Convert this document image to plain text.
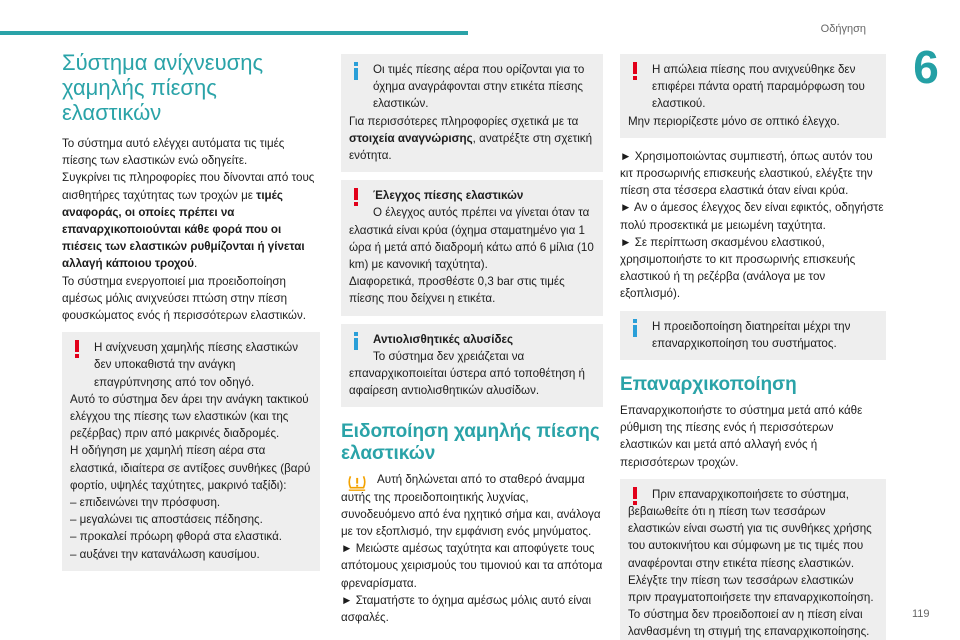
Οδήγηση
6
119
Σύστημα ανίχνευσης χαμηλής πίεσης ελαστικών

Το σύστημα αυτό ελέγχει αυτόματα τις τιμές πίεσης των ελαστικών ενώ οδηγείτε.

Συγκρίνει τις πληροφορίες που δίνονται από τους αισθητήρες ταχύτητας των τροχών με τιμές αναφοράς, οι οποίες πρέπει να επαναρχικοποιούνται κάθε φορά που οι πιέσεις των ελαστικών ρυθμίζονται ή γίνεται αλλαγή κάποιου τροχού.

Το σύστημα ενεργοποιεί μια προειδοποίηση αμέσως μόλις ανιχνεύσει πτώση στην πίεση φουσκώματος ενός ή περισσότερων ελαστικών.

Η ανίχνευση χαμηλής πίεσης ελαστικών δεν υποκαθιστά την ανάγκη επαγρύπνησης από τον οδηγό.

Αυτό το σύστημα δεν άρει την ανάγκη τακτικού ελέγχου της πίεσης των ελαστικών (και της ρεζέρβας) πριν από μακρινές διαδρομές.

Η οδήγηση με χαμηλή πίεση αέρα στα ελαστικά, ιδιαίτερα σε αντίξοες συνθήκες (βαρύ φορτίο, υψηλές ταχύτητες, μακρινό ταξίδι):

– επιδεινώνει την πρόσφυση.

– μεγαλώνει τις αποστάσεις πέδησης.

– προκαλεί πρόωρη φθορά στα ελαστικά.

– αυξάνει την κατανάλωση καυσίμου.

Οι τιμές πίεσης αέρα που ορίζονται για το όχημα αναγράφονται στην ετικέτα πίεσης ελαστικών.

Για περισσότερες πληροφορίες σχετικά με τα στοιχεία αναγνώρισης, ανατρέξτε στη σχετική ενότητα.

Έλεγχος πίεσης ελαστικών

Ο έλεγχος αυτός πρέπει να γίνεται όταν τα ελαστικά είναι κρύα (όχημα σταματημένο για 1 ώρα ή μετά από διαδρομή κάτω από 6 μίλια (10 km) με κανονική ταχύτητα).

Διαφορετικά, προσθέστε 0,3 bar στις τιμές πίεσης που δείχνει η ετικέτα.

Αντιολισθητικές αλυσίδες

Το σύστημα δεν χρειάζεται να επαναρχικοποιείται ύστερα από τοποθέτηση ή αφαίρεση αντιολισθητικών αλυσίδων.

Ειδοποίηση χαμηλής πίεσης ελαστικών

Αυτή δηλώνεται από το σταθερό άναμμα αυτής της προειδοποιητικής λυχνίας, συνοδευόμενο από ένα ηχητικό σήμα και, ανάλογα με τον εξοπλισμό, την εμφάνιση ενός μηνύματος.

► Μειώστε αμέσως ταχύτητα και αποφύγετε τους απότομους χειρισμούς του τιμονιού και τα απότομα φρεναρίσματα.

► Σταματήστε το όχημα αμέσως μόλις αυτό είναι ασφαλές.

Η απώλεια πίεσης που ανιχνεύθηκε δεν επιφέρει πάντα ορατή παραμόρφωση του ελαστικού.

Μην περιορίζεστε μόνο σε οπτικό έλεγχο.

► Χρησιμοποιώντας συμπιεστή, όπως αυτόν του κιτ προσωρινής επισκευής ελαστικού, ελέγξτε την πίεση στα τέσσερα ελαστικά όταν είναι κρύα.

► Αν ο άμεσος έλεγχος δεν είναι εφικτός, οδηγήστε πολύ προσεκτικά με μειωμένη ταχύτητα.

► Σε περίπτωση σκασμένου ελαστικού, χρησιμοποιήστε το κιτ προσωρινής επισκευής ελαστικού ή τη ρεζέρβα (ανάλογα με τον εξοπλισμό).

Η προειδοποίηση διατηρείται μέχρι την επαναρχικοποίηση του συστήματος.

Επαναρχικοποίηση

Επαναρχικοποιήστε το σύστημα μετά από κάθε ρύθμιση της πίεσης ενός ή περισσότερων ελαστικών και μετά από αλλαγή ενός ή περισσότερων τροχών.

Πριν επαναρχικοποιήσετε το σύστημα, βεβαιωθείτε ότι η πίεση των τεσσάρων ελαστικών είναι σωστή για τις συνθήκες χρήσης του αυτοκινήτου και σύμφωνη με τις τιμές που αναφέρονται στην ετικέτα πίεσης ελαστικών.

Ελέγξτε την πίεση των τεσσάρων ελαστικών πριν πραγματοποιήσετε την επαναρχικοποίηση.

Το σύστημα δεν προειδοποιεί αν η πίεση είναι λανθασμένη τη στιγμή της επαναρχικοποίησης.
